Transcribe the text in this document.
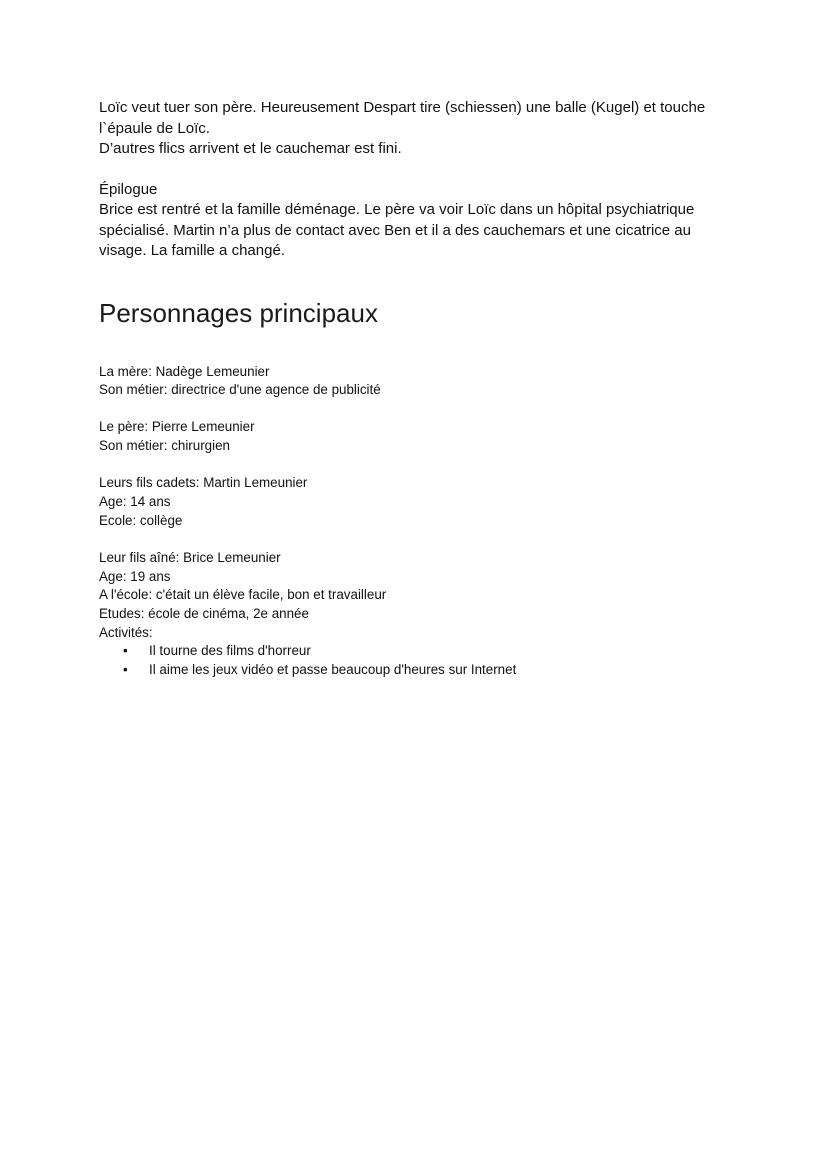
Loïc veut tuer son père. Heureusement Despart tire (schiessen) une balle (Kugel) et touche

l`épaule de Loïc.

D’autres flics arrivent et le cauchemar est fini.

Épilogue

Brice est rentré et la famille déménage. Le père va voir Loïc dans un hôpital psychiatrique

spécialisé. Martin n’a plus de contact avec Ben et il a des cauchemars et une cicatrice au

visage. La famille a changé.

Personnages principaux

La mère: Nadège Lemeunier

Son métier: directrice d'une agence de publicité

Le père: Pierre Lemeunier

Son métier: chirurgien

Leurs fils cadets: Martin Lemeunier

Age: 14 ans

Ecole: collège

Leur fils aîné: Brice Lemeunier

Age: 19 ans

A l'école: c'était un élève facile, bon et travailleur

Etudes: école de cinéma, 2e année

Activités:

• Il tourne des films d'horreur
• Il aime les jeux vidéo et passe beaucoup d'heures sur Internet
